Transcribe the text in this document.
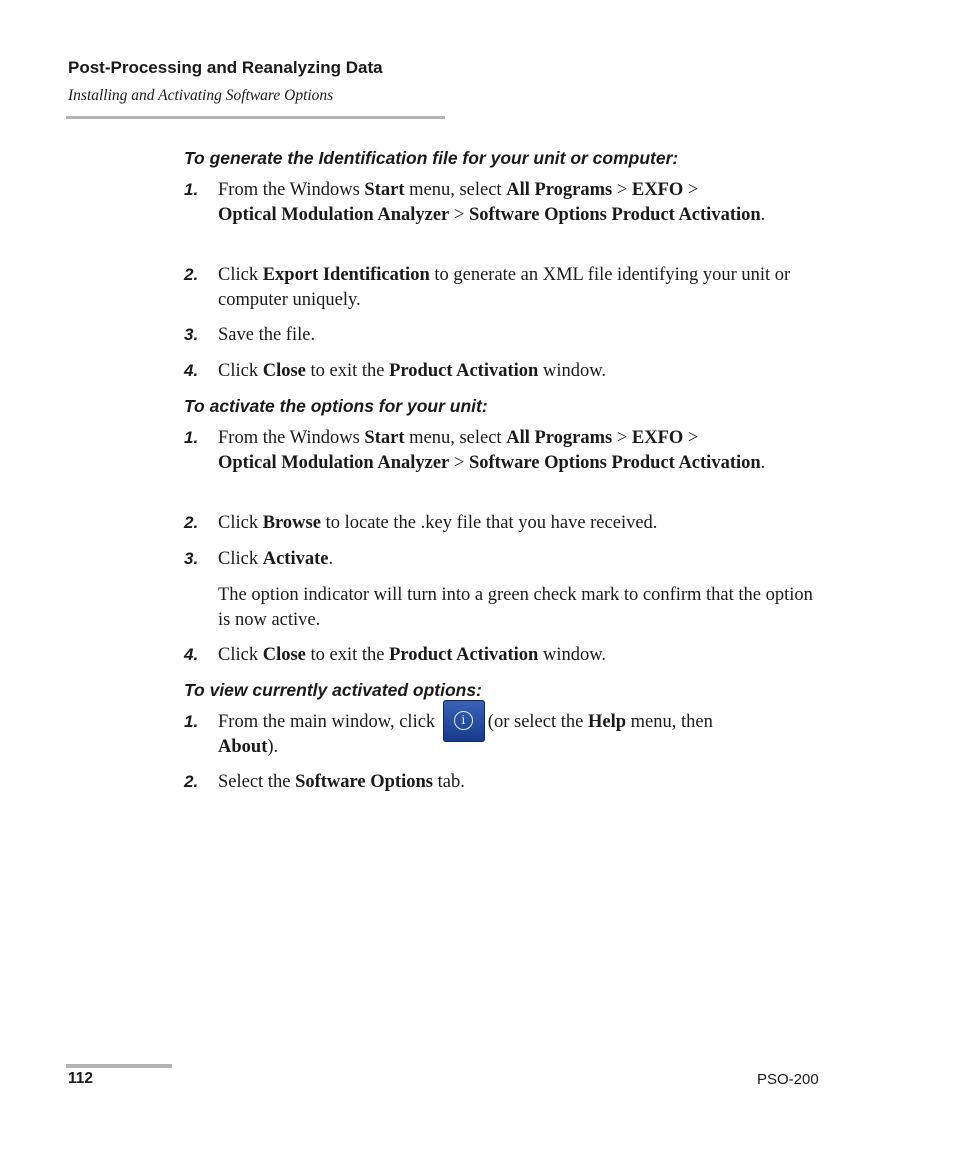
Post-Processing and Reanalyzing Data
Installing and Activating Software Options
To generate the Identification file for your unit or computer:
1. From the Windows Start menu, select All Programs > EXFO >
Optical Modulation Analyzer > Software Options Product Activation.
2. Click Export Identification to generate an XML file identifying your unit or computer uniquely.
3. Save the file.
4. Click Close to exit the Product Activation window.
To activate the options for your unit:
1. From the Windows Start menu, select All Programs > EXFO >
Optical Modulation Analyzer > Software Options Product Activation.
2. Click Browse to locate the .key file that you have received.
3. Click Activate.
The option indicator will turn into a green check mark to confirm that the option is now active.
4. Click Close to exit the Product Activation window.
To view currently activated options:
1. From the main window, click	i	(or select the Help menu, then
About).
2. Select the Software Options tab.
112	PSO-200
